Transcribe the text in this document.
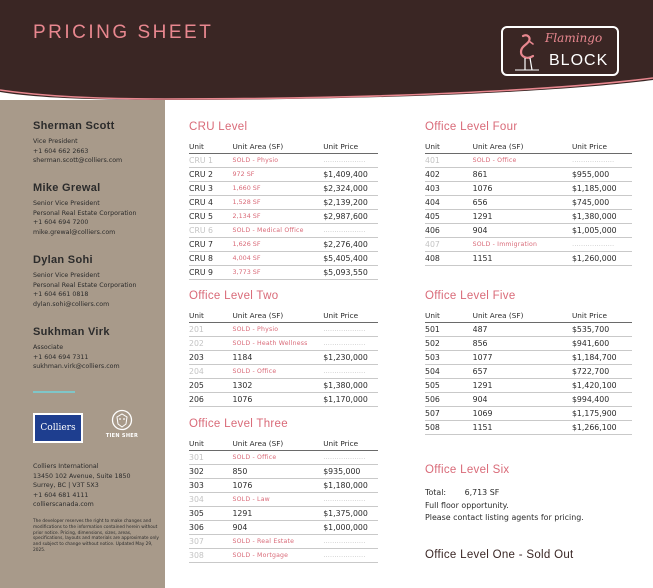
PRICING SHEET	Flamingo
BLOCK
Sherman Scott
Vice President
+1 604 662 2663
sherman.scott@colliers.com
Mike Grewal
Senior Vice President
Personal Real Estate Corporation
+1 604 694 7200
mike.grewal@colliers.com
Dylan Sohi
Senior Vice President
Personal Real Estate Corporation
+1 604 661 0818
dylan.sohi@colliers.com
Sukhman Virk
Associate
+1 604 694 7311
sukhman.virk@colliers.com
Colliers
TIEN SHER
Colliers International
13450 102 Avenue, Suite 1850
Surrey, BC | V3T 5X3
+1 604 681 4111
collierscanada.com
The developer reserves the right to make changes and modifications to the information contained herein without prior notice. Pricing, dimensions, sizes, areas, specifications, layouts and materials are approximate only and subject to change without notice. Updated May 29, 2025.
CRU Level
Unit	Unit Area (SF)	Unit Price
CRU 1	SOLD - Physio	...................
CRU 2	972 SF	$1,409,400
CRU 3	1,660 SF	$2,324,000
CRU 4	1,528 SF	$2,139,200
CRU 5	2,134 SF	$2,987,600
CRU 6	SOLD - Medical Office	...................
CRU 7	1,626 SF	$2,276,400
CRU 8	4,004 SF	$5,405,400
CRU 9	3,773 SF	$5,093,550
Office Level Two
Unit	Unit Area (SF)	Unit Price
201	SOLD - Physio	...................
202	SOLD - Heath Wellness	...................
203	1184	$1,230,000
204	SOLD - Office	...................
205	1302	$1,380,000
206	1076	$1,170,000
Office Level Three
Unit	Unit Area (SF)	Unit Price
301	SOLD - Office	...................
302	850	$935,000
303	1076	$1,180,000
304	SOLD - Law	...................
305	1291	$1,375,000
306	904	$1,000,000
307	SOLD - Real Estate	...................
308	SOLD - Mortgage	...................
Office Level Four
Unit	Unit Area (SF)	Unit Price
401	SOLD - Office	...................
402	861	$955,000
403	1076	$1,185,000
404	656	$745,000
405	1291	$1,380,000
406	904	$1,005,000
407	SOLD - Immigration	...................
408	1151	$1,260,000
Office Level Five
Unit	Unit Area (SF)	Unit Price
501	487	$535,700
502	856	$941,600
503	1077	$1,184,700
504	657	$722,700
505	1291	$1,420,100
506	904	$994,400
507	1069	$1,175,900
508	1151	$1,266,100
Office Level Six
Total: 6,713 SF
Full floor opportunity.
Please contact listing agents for pricing.
Office Level One - Sold Out
